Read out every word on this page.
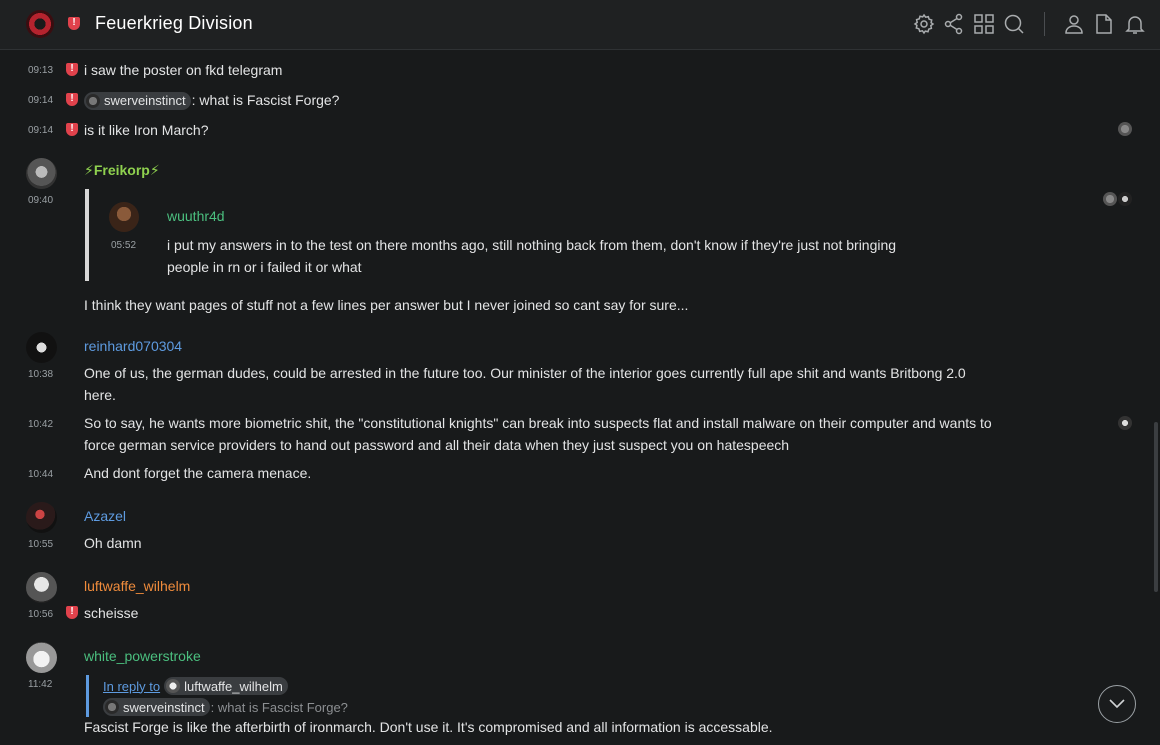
!
Feuerkrieg Division
09:13 !	i saw the poster on fkd telegram
09:14 !	swerveinstinct : what is Fascist Forge?
09:14 !	is it like Iron March?
⚡Freikorp⚡
09:40
wuuthr4d
05:52 i put my answers in to the test on there months ago, still nothing back from them, don't know if they're just not bringing people in rn or i failed it or what
I think they want pages of stuff not a few lines per answer but I never joined so cant say for sure...
reinhard070304
10:38	One of us, the german dudes, could be arrested in the future too. Our minister of the interior goes currently full ape shit and wants Britbong 2.0 here.
10:42	So to say, he wants more biometric shit, the "constitutional knights" can break into suspects flat and install malware on their computer and wants to force german service providers to hand out password and all their data when they just suspect you on hatespeech
10:44	And dont forget the camera menace.
Azazel
10:55	Oh damn
luftwaffe_wilhelm
10:56 !	scheisse
white_powerstroke
11:42	In reply to luftwaffe_wilhelm
swerveinstinct : what is Fascist Forge?
Fascist Forge is like the afterbirth of ironmarch. Don't use it. It's compromised and all information is accessable.
